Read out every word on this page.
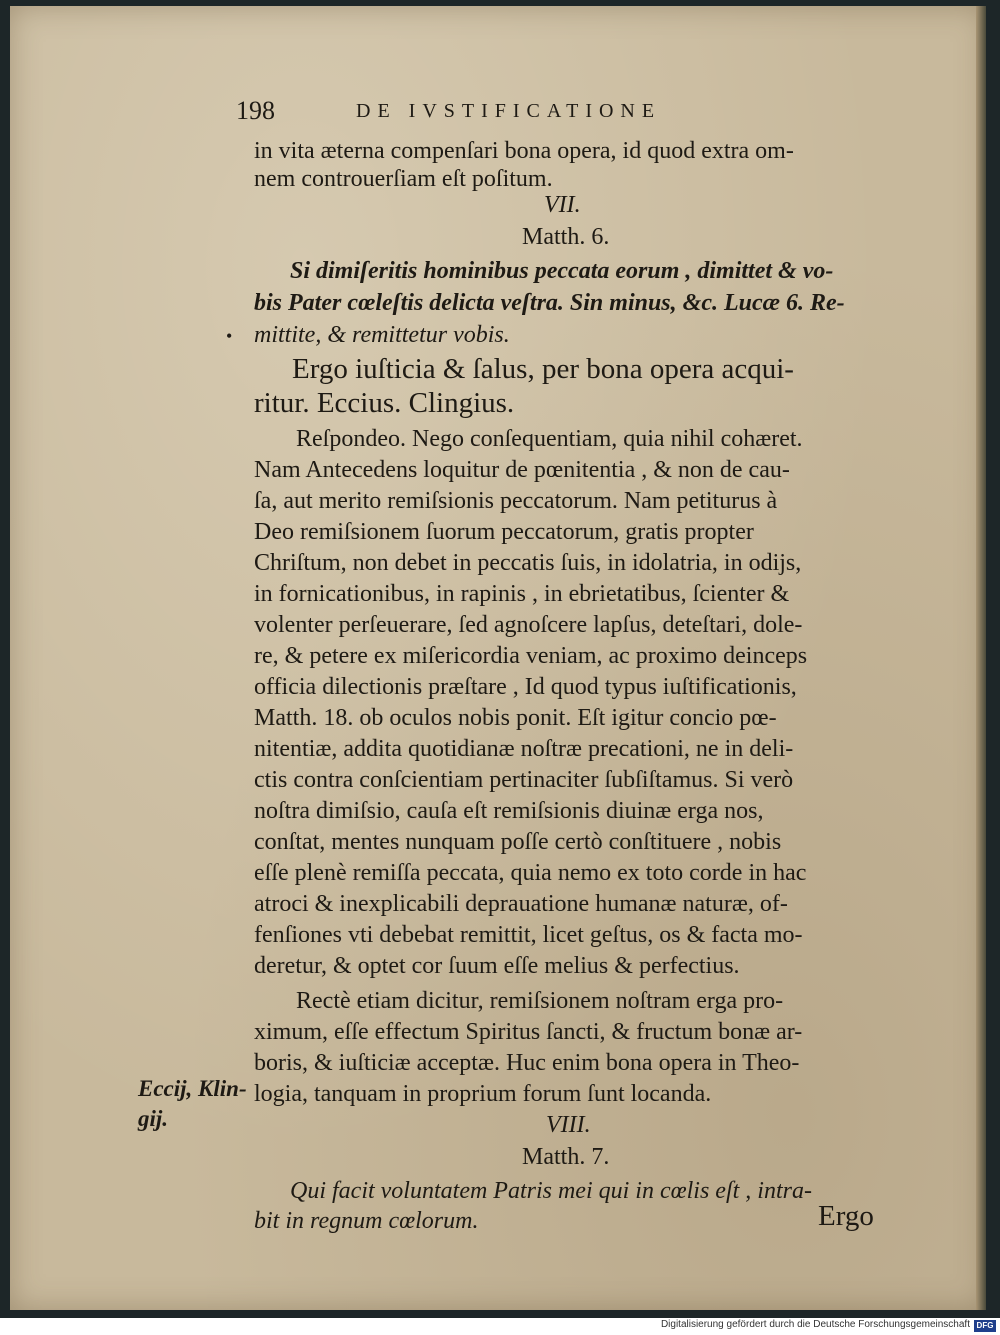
198	DE IVSTIFICATIONE
in vita æterna compenſari bona opera, id quod extra om-
nem controuerſiam eſt poſitum.
VII.
Matth. 6.
Si dimiſeritis hominibus peccata eorum , dimittet & vo-
bis Pater cœleſtis delicta veſtra. Sin minus, &c. Lucæ 6. Re-
mittite, & remittetur vobis.
•
Ergo iuſticia & ſalus, per bona opera acqui-
ritur. Eccius. Clingius.
Reſpondeo. Nego conſequentiam, quia nihil cohæret.
Nam Antecedens loquitur de pœnitentia , & non de cau-
ſa, aut merito remiſsionis peccatorum. Nam petiturus à
Deo remiſsionem ſuorum peccatorum, gratis propter
Chriſtum, non debet in peccatis ſuis, in idolatria, in odijs,
in fornicationibus, in rapinis , in ebrietatibus, ſcienter &
volenter perſeuerare, ſed agnoſcere lapſus, deteſtari, dole-
re, & petere ex miſericordia veniam, ac proximo deinceps
officia dilectionis præſtare , Id quod typus iuſtificationis,
Matth. 18. ob oculos nobis ponit. Eſt igitur concio pœ-
nitentiæ, addita quotidianæ noſtræ precationi, ne in deli-
ctis contra conſcientiam pertinaciter ſubſiſtamus. Si verò
noſtra dimiſsio, cauſa eſt remiſsionis diuinæ erga nos,
conſtat, mentes nunquam poſſe certò conſtituere , nobis
eſſe plenè remiſſa peccata, quia nemo ex toto corde in hac
atroci & inexplicabili deprauatione humanæ naturæ, of-
fenſiones vti debebat remittit, licet geſtus, os & facta mo-
deretur, & optet cor ſuum eſſe melius & perfectius.
Rectè etiam dicitur, remiſsionem noſtram erga pro-
ximum, eſſe effectum Spiritus ſancti, & fructum bonæ ar-
boris, & iuſticiæ acceptæ. Huc enim bona opera in Theo-
logia, tanquam in proprium forum ſunt locanda.
VIII.
Matth. 7.
Qui facit voluntatem Patris mei qui in cœlis eſt , intra-
bit in regnum cœlorum.	Ergo
Eccij, Klin-
gij.
Digitalisierung gefördert durch die Deutsche Forschungsgemeinschaft DFG
